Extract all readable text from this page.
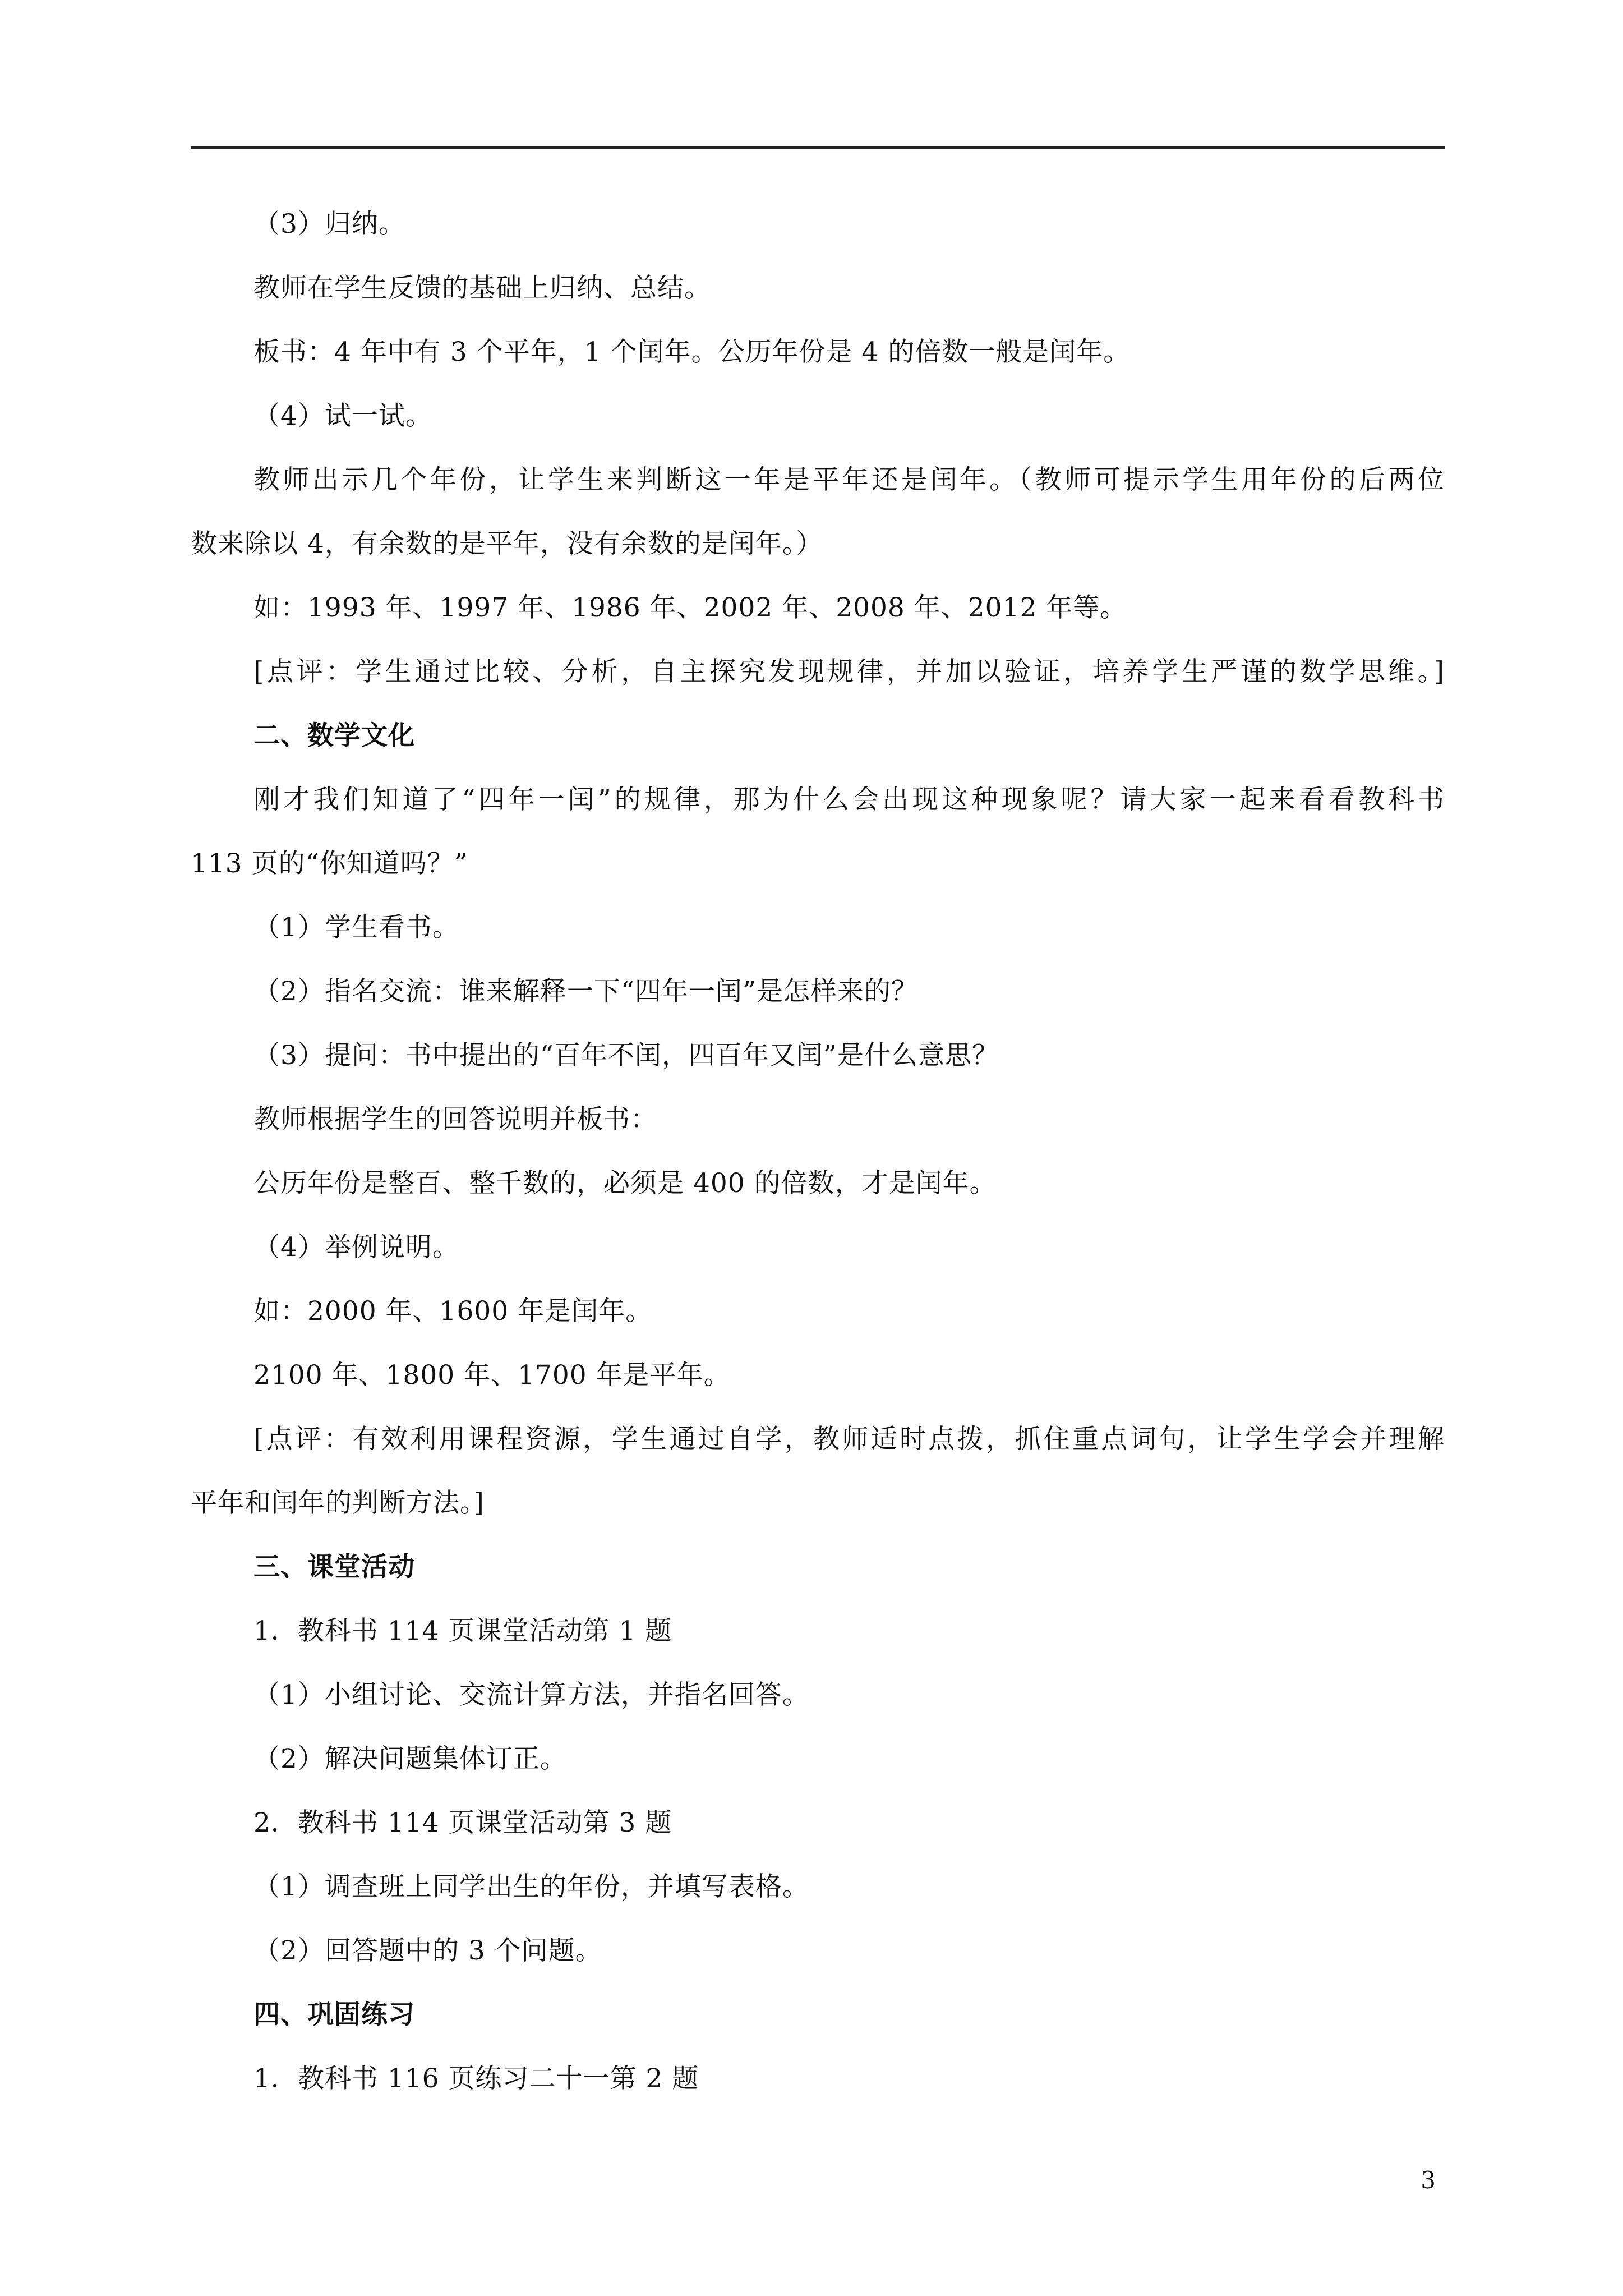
（3）归纳。
教师在学生反馈的基础上归纳、总结。
板书：4 年中有 3 个平年，1 个闰年。公历年份是 4 的倍数一般是闰年。
（4）试一试。
教师出示几个年份，让学生来判断这一年是平年还是闰年。（教师可提示学生用年份的后两位
数来除以 4，有余数的是平年，没有余数的是闰年。）
如：1993 年、1997 年、1986 年、2002 年、2008 年、2012 年等。
[点评：学生通过比较、分析，自主探究发现规律，并加以验证，培养学生严谨的数学思维。]
二、数学文化
刚才我们知道了“四年一闰”的规律，那为什么会出现这种现象呢？请大家一起来看看教科书
113 页的“你知道吗？”
（1）学生看书。
（2）指名交流：谁来解释一下“四年一闰”是怎样来的？
（3）提问：书中提出的“百年不闰，四百年又闰”是什么意思？
教师根据学生的回答说明并板书：
公历年份是整百、整千数的，必须是 400 的倍数，才是闰年。
（4）举例说明。
如：2000 年、1600 年是闰年。
2100 年、1800 年、1700 年是平年。
[点评：有效利用课程资源，学生通过自学，教师适时点拨，抓住重点词句，让学生学会并理解
平年和闰年的判断方法。]
三、课堂活动
1．教科书 114 页课堂活动第 1 题
（1）小组讨论、交流计算方法，并指名回答。
（2）解决问题集体订正。
2．教科书 114 页课堂活动第 3 题
（1）调查班上同学出生的年份，并填写表格。
（2）回答题中的 3 个问题。
四、巩固练习
1．教科书 116 页练习二十一第 2 题
3
